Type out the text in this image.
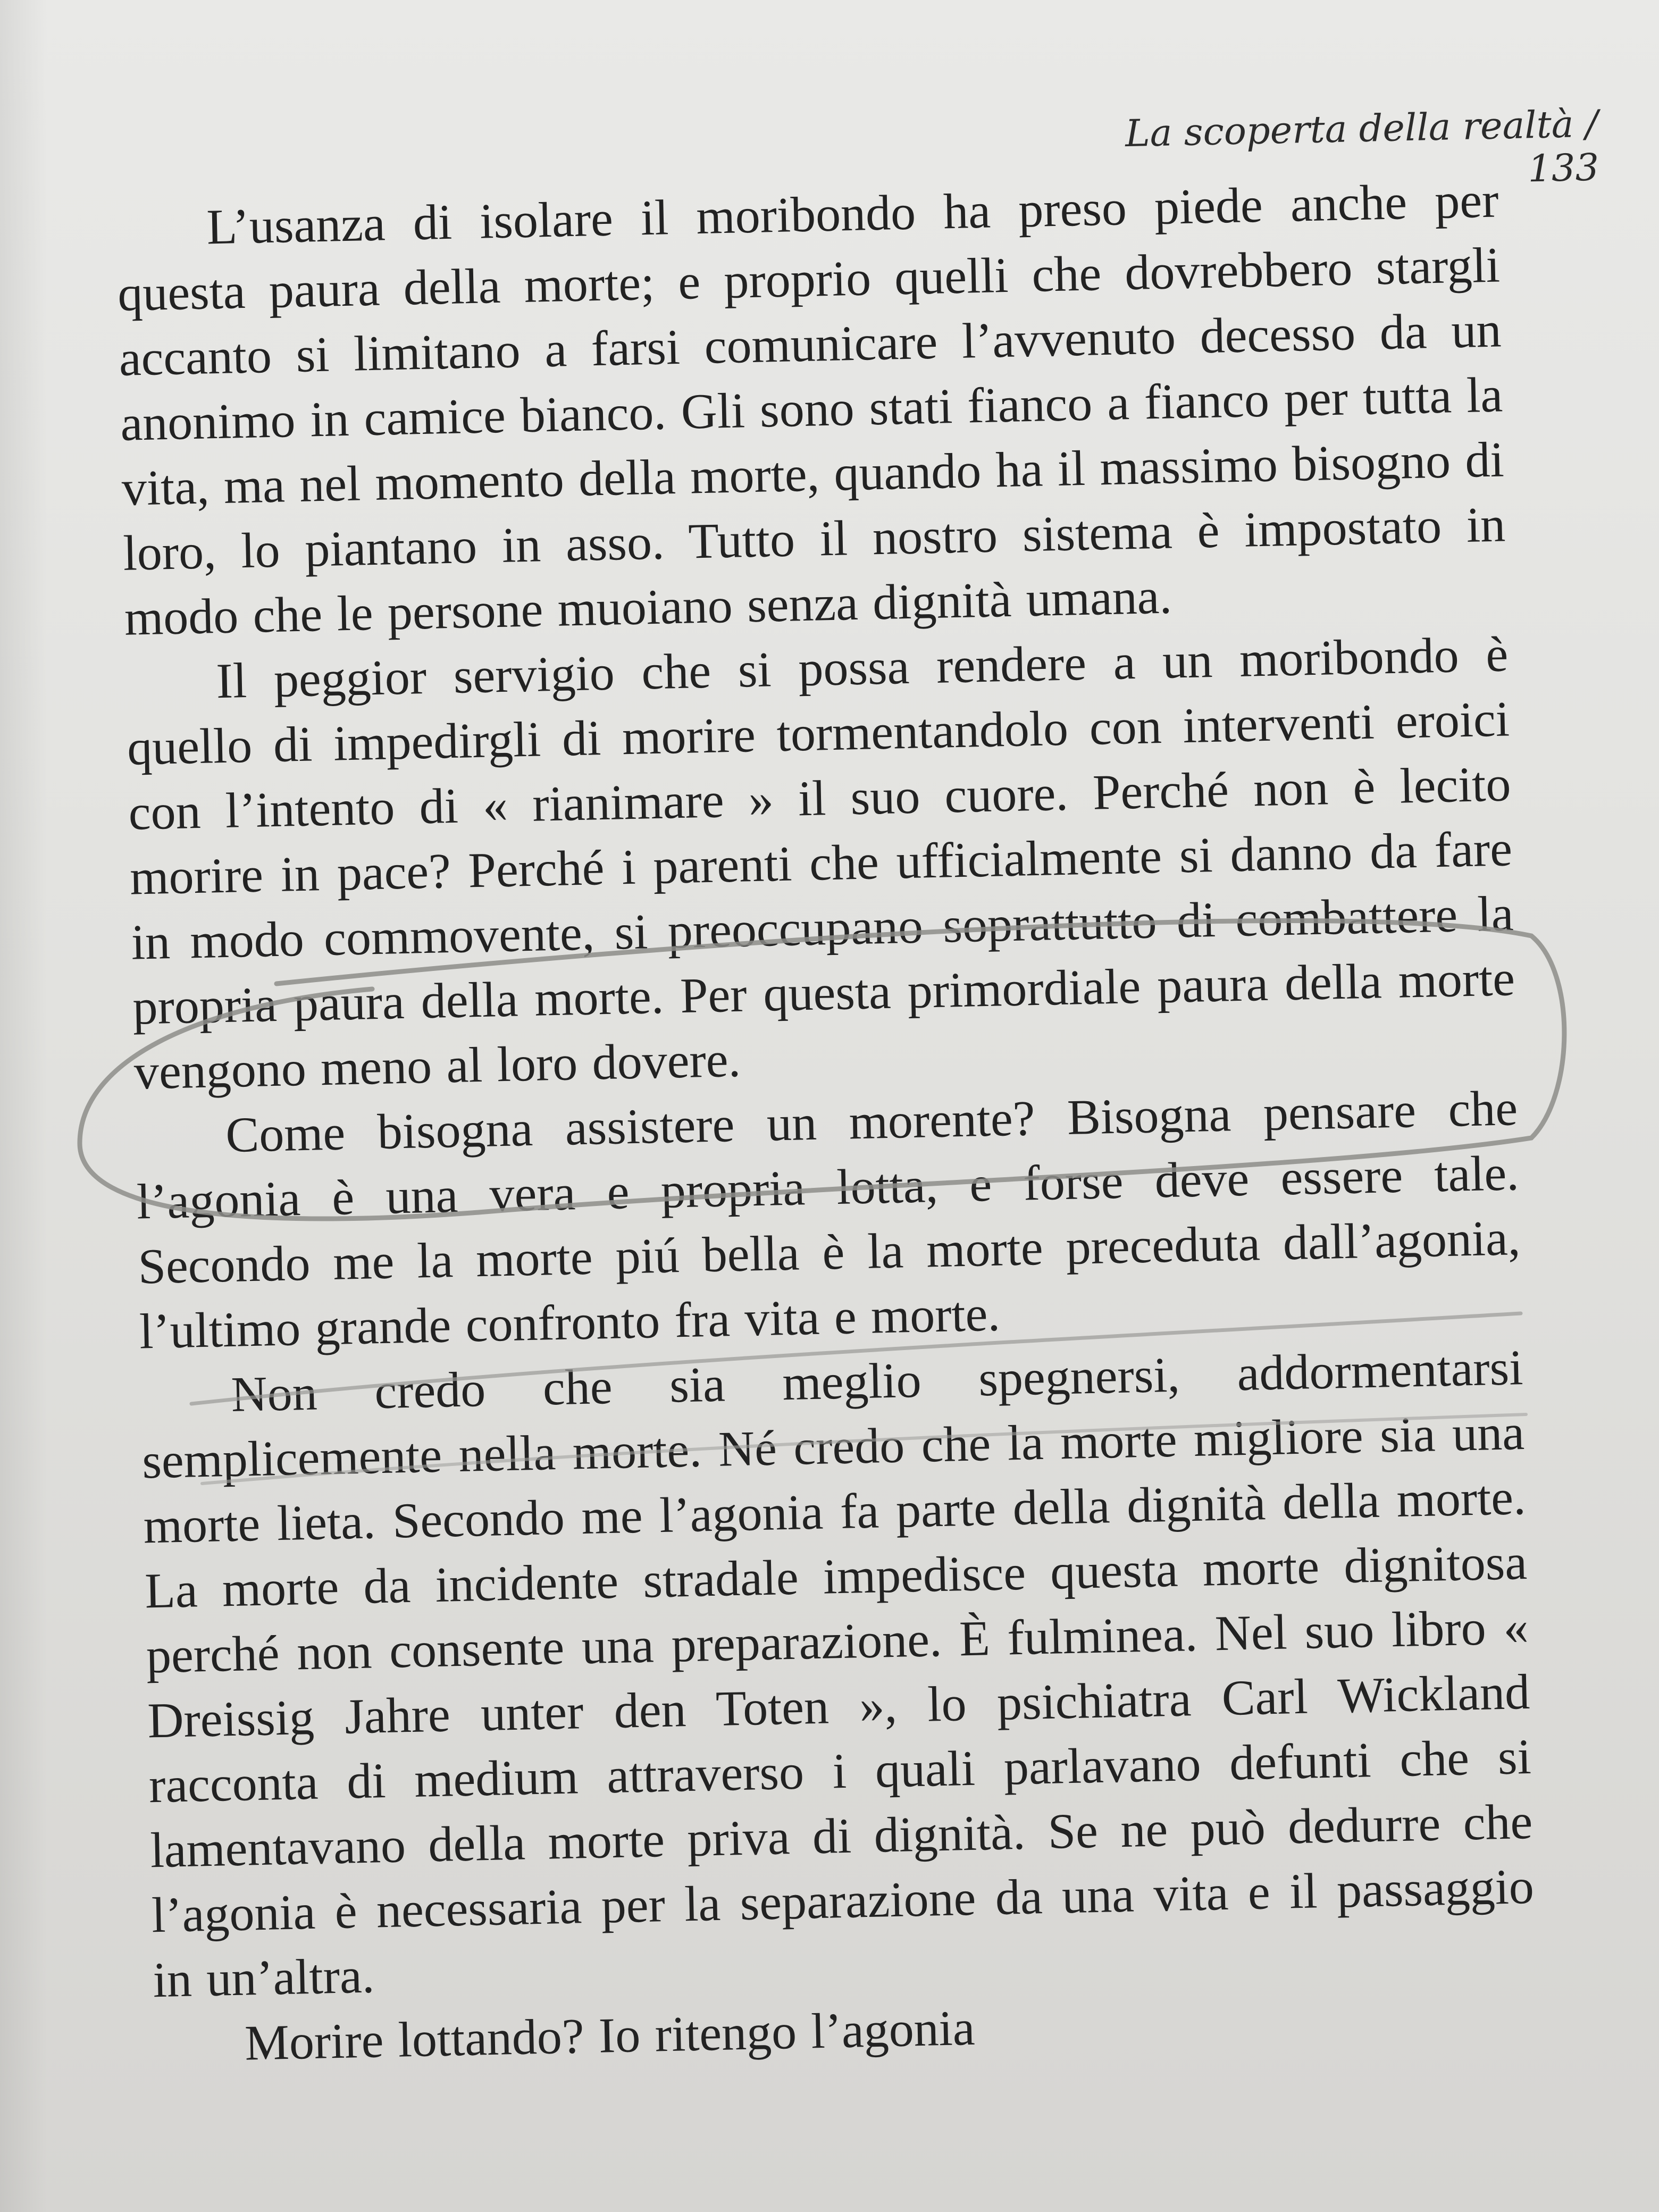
La scoperta della realtà / 133

L’usanza di isolare il moribondo ha preso piede anche per questa paura della morte; e proprio quelli che dovrebbero stargli accanto si limitano a farsi comunicare l’avvenuto decesso da un anonimo in camice bianco. Gli sono stati fianco a fianco per tutta la vita, ma nel momento della morte, quando ha il massimo bisogno di loro, lo piantano in asso. Tutto il nostro sistema è impostato in modo che le persone muoiano senza dignità umana.

Il peggior servigio che si possa rendere a un moribondo è quello di impedirgli di morire tormentandolo con interventi eroici con l’intento di « rianimare » il suo cuore. Perché non è lecito morire in pace? Perché i parenti che ufficialmente si danno da fare in modo commovente, si preoccupano soprattutto di combattere la propria paura della morte. Per questa primordiale paura della morte vengono meno al loro dovere.

Come bisogna assistere un morente? Bisogna pensare che l’agonia è una vera e propria lotta, e forse deve essere tale. Secondo me la morte piú bella è la morte preceduta dall’agonia, l’ultimo grande confronto fra vita e morte.

Non credo che sia meglio spegnersi, addormentarsi semplicemente nella morte. Né credo che la morte migliore sia una morte lieta. Secondo me l’agonia fa parte della dignità della morte. La morte da incidente stradale impedisce questa morte dignitosa perché non consente una preparazione. È fulminea. Nel suo libro « Dreissig Jahre unter den Toten », lo psichiatra Carl Wickland racconta di medium attraverso i quali parlavano defunti che si lamentavano della morte priva di dignità. Se ne può dedurre che l’agonia è necessaria per la separazione da una vita e il passaggio in un’altra.

Morire lottando? Io ritengo l’agonia
